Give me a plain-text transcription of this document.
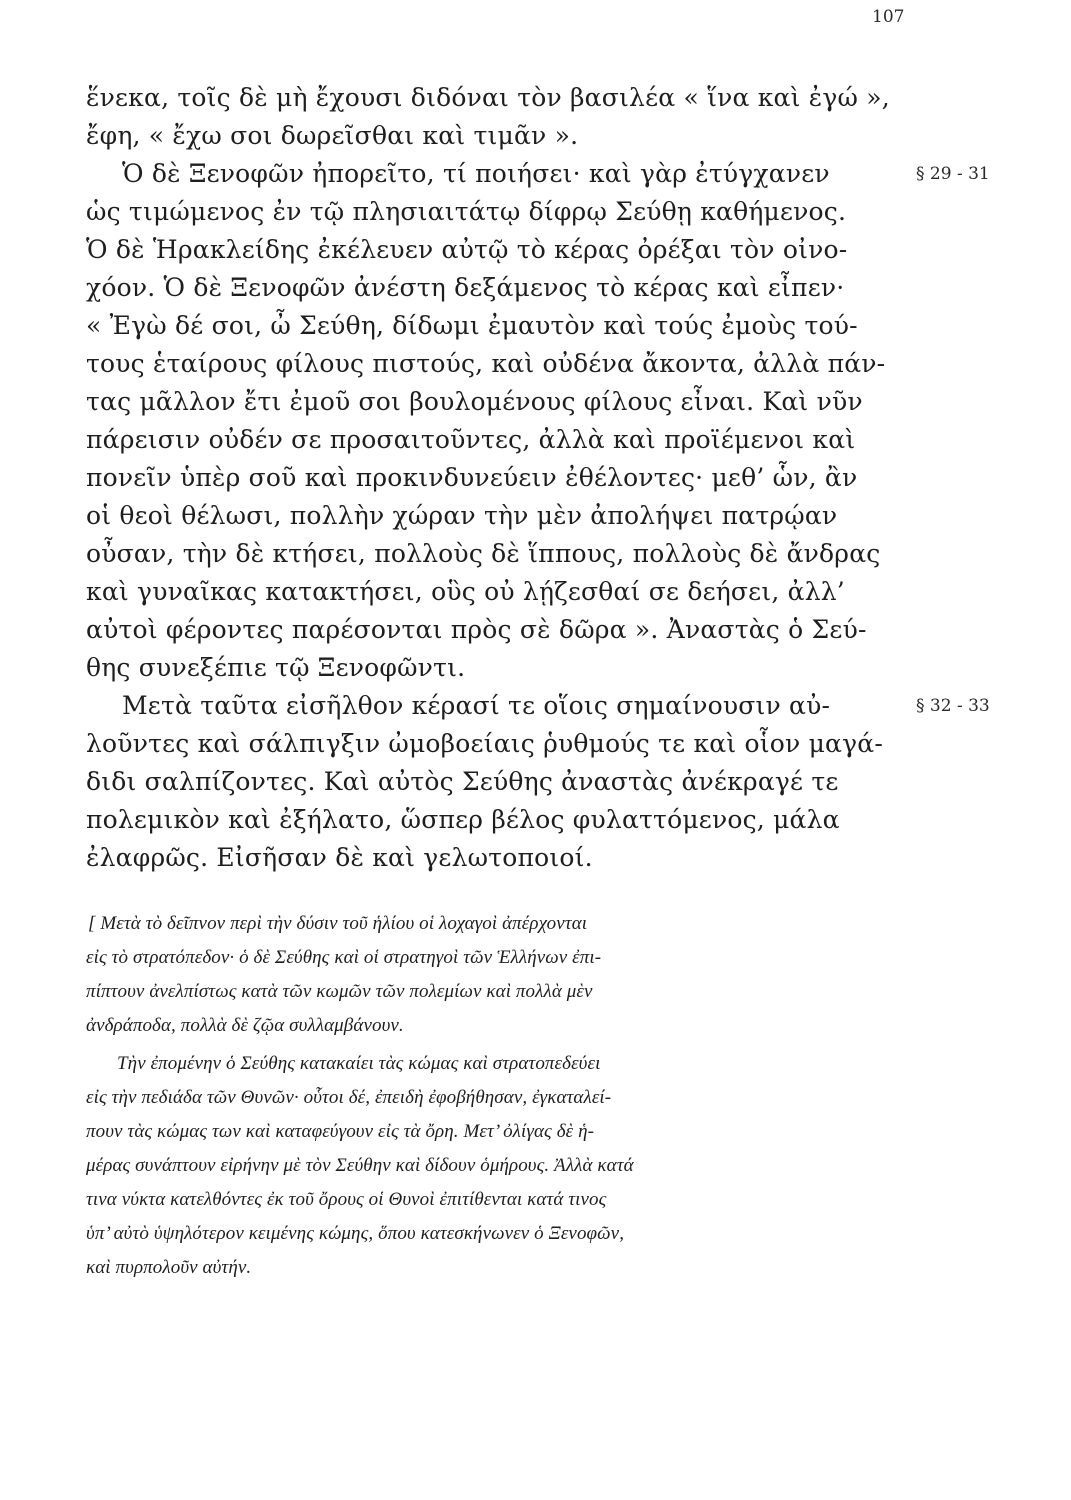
107
ἕνεκα, τοῖς δὲ μὴ ἔχουσι διδόναι τὸν βασιλέα « ἵνα καὶ ἐγώ »,
ἔφη, « ἔχω σοι δωρεῖσθαι καὶ τιμᾶν ».
Ὁ δὲ Ξενοφῶν ἠπορεῖτο, τί ποιήσει· καὶ γὰρ ἐτύγχανεν
ὡς τιμώμενος ἐν τῷ πλησιαιτάτῳ δίφρῳ Σεύθῃ καθήμενος.
Ὁ δὲ Ἡρακλείδης ἐκέλευεν αὐτῷ τὸ κέρας ὀρέξαι τὸν οἰνο-
χόον. Ὁ δὲ Ξενοφῶν ἀνέστη δεξάμενος τὸ κέρας καὶ εἶπεν·
« Ἐγὼ δέ σοι, ὦ Σεύθη, δίδωμι ἐμαυτὸν καὶ τούς ἐμοὺς τού-
τους ἑταίρους φίλους πιστούς, καὶ οὐδένα ἄκοντα, ἀλλὰ πάν-
τας μᾶλλον ἔτι ἐμοῦ σοι βουλομένους φίλους εἶναι. Καὶ νῦν
πάρεισιν οὐδέν σε προσαιτοῦντες, ἀλλὰ καὶ προϊέμενοι καὶ
πονεῖν ὑπὲρ σοῦ καὶ προκινδυνεύειν ἐθέλοντες· μεθ’ ὧν, ἂν
οἱ θεοὶ θέλωσι, πολλὴν χώραν τὴν μὲν ἀπολήψει πατρῴαν
οὖσαν, τὴν δὲ κτήσει, πολλοὺς δὲ ἵππους, πολλοὺς δὲ ἄνδρας
καὶ γυναῖκας κατακτήσει, οὓς οὐ λῄζεσθαί σε δεήσει, ἀλλ’
αὐτοὶ φέροντες παρέσονται πρὸς σὲ δῶρα ». Ἀναστὰς ὁ Σεύ-
θης συνεξέπιε τῷ Ξενοφῶντι.
Μετὰ ταῦτα εἰσῆλθον κέρασί τε οἵοις σημαίνουσιν αὐ-
λοῦντες καὶ σάλπιγξιν ὠμοβοείαις ῥυθμούς τε καὶ οἷον μαγά-
διδι σαλπίζοντες. Καὶ αὐτὸς Σεύθης ἀναστὰς ἀνέκραγέ τε
πολεμικὸν καὶ ἐξήλατο, ὥσπερ βέλος φυλαττόμενος, μάλα
ἐλαφρῶς. Εἰσῆσαν δὲ καὶ γελωτοποιοί.
§ 29 - 31
§ 32 - 33
[ Μετὰ τὸ δεῖπνον περὶ τὴν δύσιν τοῦ ἡλίου οἱ λοχαγοὶ ἀπέρχονται
εἰς τὸ στρατόπεδον· ὁ δὲ Σεύθης καὶ οἱ στρατηγοὶ τῶν Ἑλλήνων ἐπι-
πίπτουν ἀνελπίστως κατὰ τῶν κωμῶν τῶν πολεμίων καὶ πολλὰ μὲν
ἀνδράποδα, πολλὰ δὲ ζῷα συλλαμβάνουν.
Τὴν ἐπομένην ὁ Σεύθης κατακαίει τὰς κώμας καὶ στρατοπεδεύει
εἰς τὴν πεδιάδα τῶν Θυνῶν· οὗτοι δέ, ἐπειδὴ ἐφοβήθησαν, ἐγκαταλεί-
πουν τὰς κώμας των καὶ καταφεύγουν εἰς τὰ ὄρη. Μετ’ ὀλίγας δὲ ἡ-
μέρας συνάπτουν εἰρήνην μὲ τὸν Σεύθην καὶ δίδουν ὁμήρους. Ἀλλὰ κατά
τινα νύκτα κατελθόντες ἐκ τοῦ ὄρους οἱ Θυνοὶ ἐπιτίθενται κατά τινος
ὑπ’ αὐτὸ ὑψηλότερον κειμένης κώμης, ὅπου κατεσκήνωνεν ὁ Ξενοφῶν,
καὶ πυρπολοῦν αὐτήν.
